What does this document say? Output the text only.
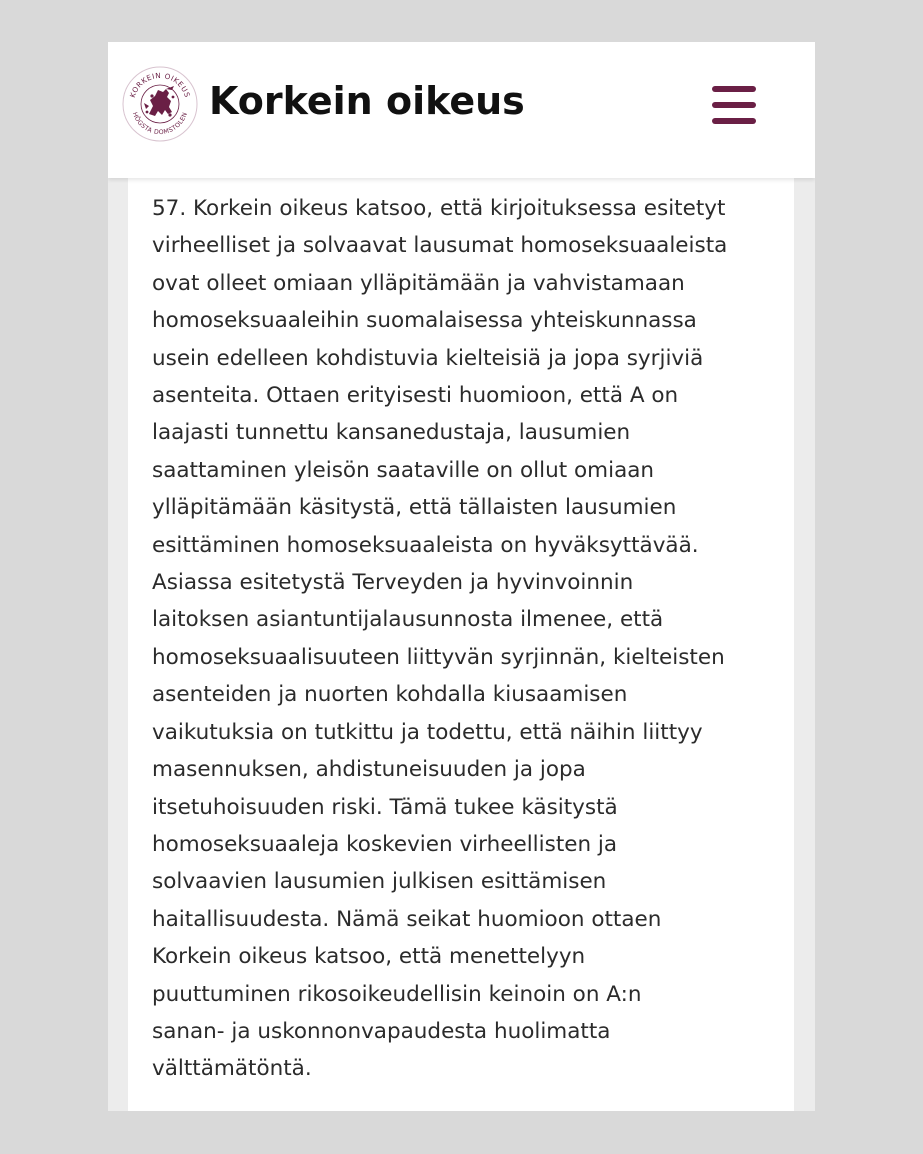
KORKEIN OIKEUS
HÖGSTA DOMSTOLEN Korkein oikeus

57. Korkein oikeus katsoo, että kirjoituksessa esitetyt
virheelliset ja solvaavat lausumat homoseksuaaleista
ovat olleet omiaan ylläpitämään ja vahvistamaan
homoseksuaaleihin suomalaisessa yhteiskunnassa
usein edelleen kohdistuvia kielteisiä ja jopa syrjiviä
asenteita. Ottaen erityisesti huomioon, että A on
laajasti tunnettu kansanedustaja, lausumien
saattaminen yleisön saataville on ollut omiaan
ylläpitämään käsitystä, että tällaisten lausumien
esittäminen homoseksuaaleista on hyväksyttävää.
Asiassa esitetystä Terveyden ja hyvinvoinnin
laitoksen asiantuntijalausunnosta ilmenee, että
homoseksuaalisuuteen liittyvän syrjinnän, kielteisten
asenteiden ja nuorten kohdalla kiusaamisen
vaikutuksia on tutkittu ja todettu, että näihin liittyy
masennuksen, ahdistuneisuuden ja jopa
itsetuhoisuuden riski. Tämä tukee käsitystä
homoseksuaaleja koskevien virheellisten ja
solvaavien lausumien julkisen esittämisen
haitallisuudesta. Nämä seikat huomioon ottaen
Korkein oikeus katsoo, että menettelyyn
puuttuminen rikosoikeudellisin keinoin on A:n
sanan- ja uskonnonvapaudesta huolimatta
välttämätöntä.
